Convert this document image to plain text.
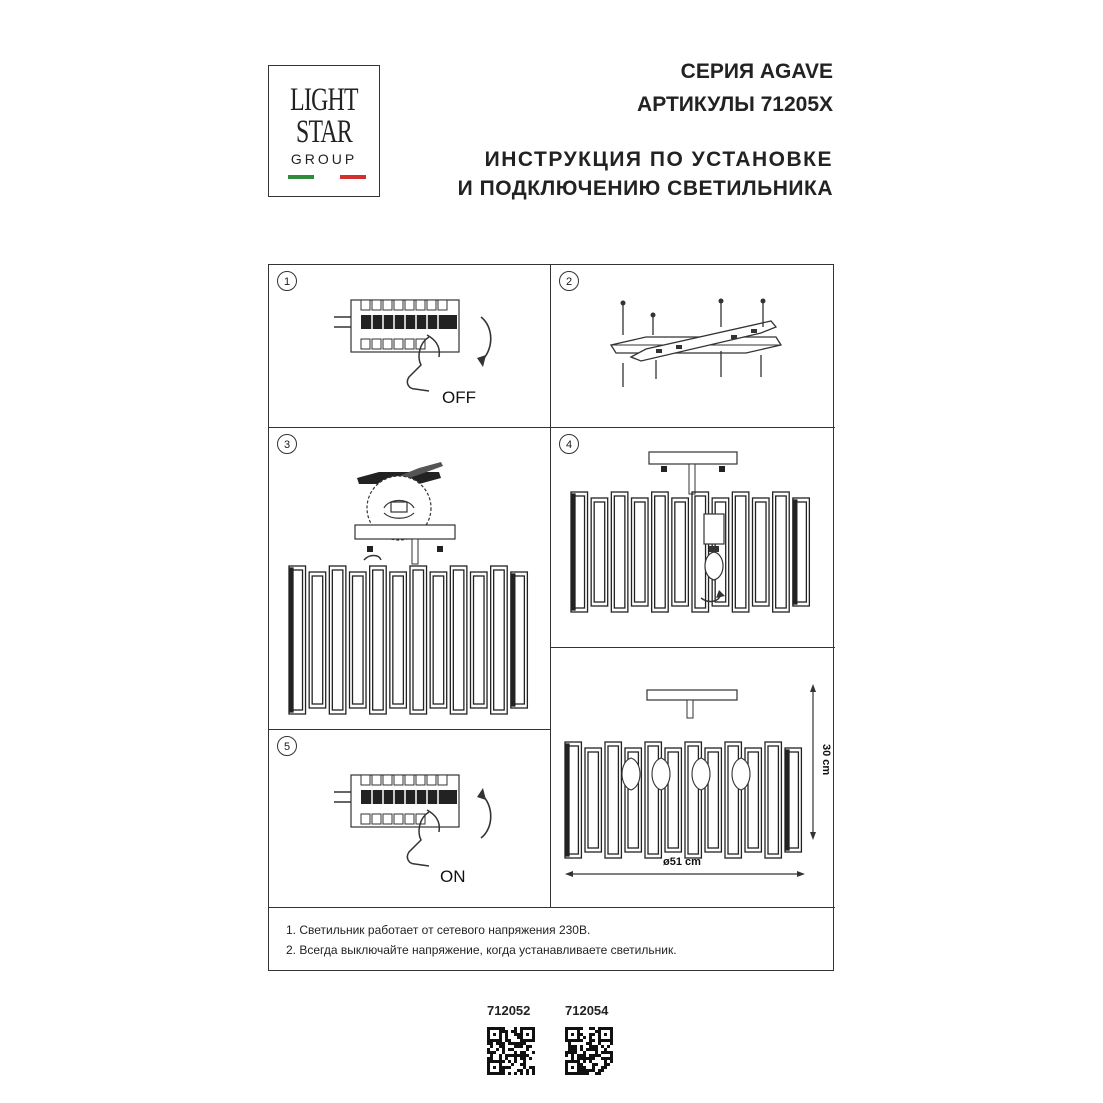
LIGHT
STAR
GROUP
СЕРИЯ AGAVE
АРТИКУЛЫ 71205X
ИНСТРУКЦИЯ ПО УСТАНОВКЕ
И ПОДКЛЮЧЕНИЮ СВЕТИЛЬНИКА
1
OFF
2
3	4
5
ON
30 cm
ø51 cm
1. Светильник работает от сетевого напряжения 230В.
2. Всегда выключайте напряжение, когда устанавливаете светильник.
712052	712054
